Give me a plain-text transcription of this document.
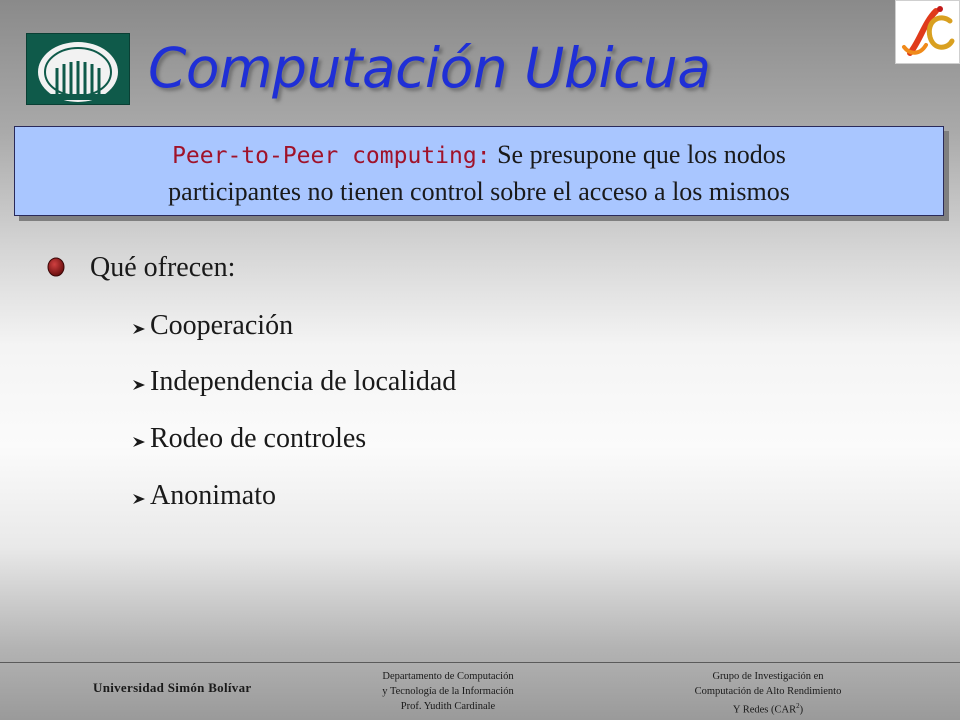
Computación Ubicua
Peer-to-Peer computing: Se presupone que los nodos
participantes no tienen control sobre el acceso a los mismos
Qué ofrecen:
Cooperación
Independencia de localidad
Rodeo de controles
Anonimato
Universidad Simón Bolívar
Departamento de Computación
y Tecnología de la Información
Prof. Yudith Cardinale
Grupo de Investigación en
Computación de Alto Rendimiento
Y Redes (CAR$^2$)
